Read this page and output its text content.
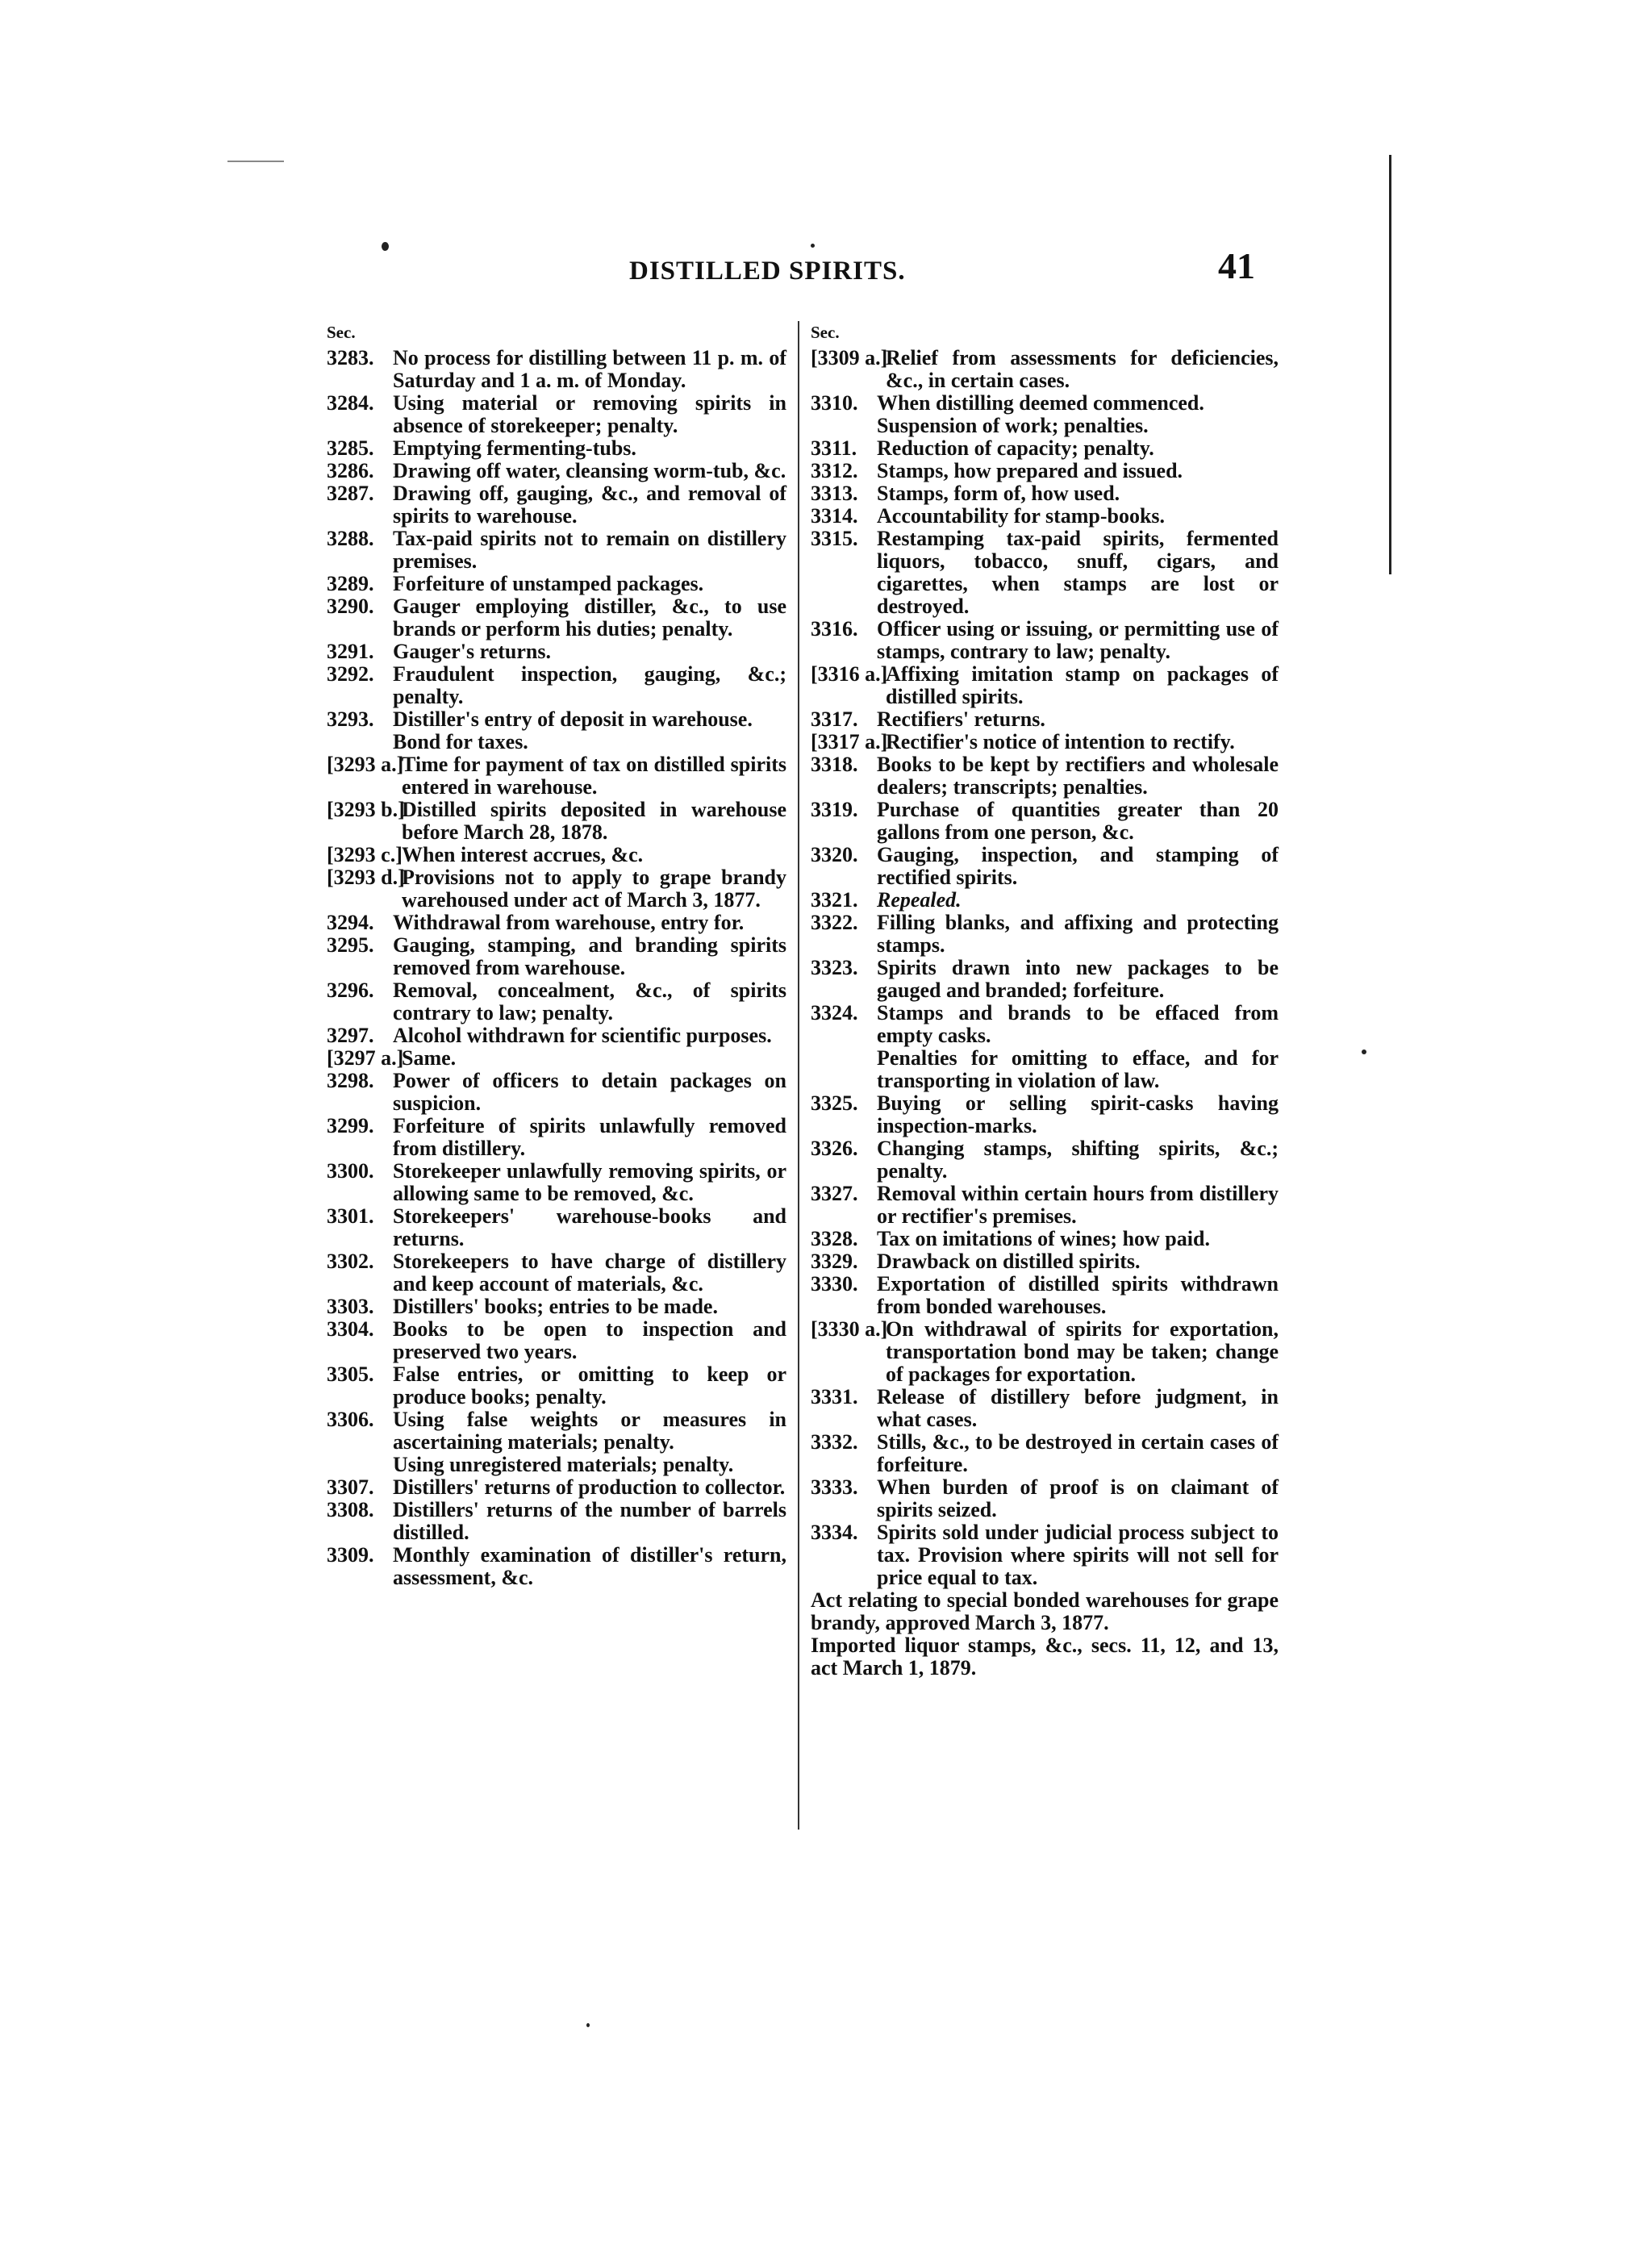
DISTILLED SPIRITS.	41
Sec.
3283. No process for distilling between 11 p. m. of Saturday and 1 a. m. of Monday.
3284. Using material or removing spirits in absence of storekeeper; penalty.
3285. Emptying fermenting-tubs.
3286. Drawing off water, cleansing worm-tub, &c.
3287. Drawing off, gauging, &c., and removal of spirits to warehouse.
3288. Tax-paid spirits not to remain on distillery premises.
3289. Forfeiture of unstamped packages.
3290. Gauger employing distiller, &c., to use brands or perform his duties; penalty.
3291. Gauger's returns.
3292. Fraudulent inspection, gauging, &c.; penalty.
3293. Distiller's entry of deposit in warehouse.
Bond for taxes.
[3293 a.]
Time for payment of tax on distilled spirits entered in warehouse.
[3293 b.]
Distilled spirits deposited in warehouse before March 28, 1878.
[3293 c.] When interest accrues, &c.
[3293 d.]
Provisions not to apply to grape brandy warehoused under act of March 3, 1877.
3294. Withdrawal from warehouse, entry for.
3295. Gauging, stamping, and branding spirits removed from warehouse.
3296. Removal, concealment, &c., of spirits contrary to law; penalty.
3297. Alcohol withdrawn for scientific purposes.
[3297 a.]
Same.
3298. Power of officers to detain packages on suspicion.
3299. Forfeiture of spirits unlawfully removed from distillery.
3300. Storekeeper unlawfully removing spirits, or allowing same to be removed, &c.
3301. Storekeepers' warehouse-books and returns.
3302. Storekeepers to have charge of distillery and keep account of materials, &c.
3303. Distillers' books; entries to be made.
3304. Books to be open to inspection and preserved two years.
3305. False entries, or omitting to keep or produce books; penalty.
3306. Using false weights or measures in ascertaining materials; penalty.
Using unregistered materials; penalty.
3307. Distillers' returns of production to collector.
3308. Distillers' returns of the number of barrels distilled.
3309. Monthly examination of distiller's return, assessment, &c.
Sec.
[3309 a.]
Relief from assessments for deficiencies, &c., in certain cases.
3310. When distilling deemed commenced.
Suspension of work; penalties.
3311. Reduction of capacity; penalty.
3312. Stamps, how prepared and issued.
3313. Stamps, form of, how used.
3314. Accountability for stamp-books.
3315. Restamping tax-paid spirits, fermented liquors, tobacco, snuff, cigars, and cigarettes, when stamps are lost or destroyed.
3316. Officer using or issuing, or permitting use of stamps, contrary to law; penalty.
[3316 a.]
Affixing imitation stamp on packages of distilled spirits.
3317. Rectifiers' returns.
[3317 a.]
Rectifier's notice of intention to rectify.
3318. Books to be kept by rectifiers and wholesale dealers; transcripts; penalties.
3319. Purchase of quantities greater than 20 gallons from one person, &c.
3320. Gauging, inspection, and stamping of rectified spirits.
3321. Repealed.
3322. Filling blanks, and affixing and protecting stamps.
3323. Spirits drawn into new packages to be gauged and branded; forfeiture.
3324. Stamps and brands to be effaced from empty casks.
Penalties for omitting to efface, and for transporting in violation of law.
3325. Buying or selling spirit-casks having inspection-marks.
3326. Changing stamps, shifting spirits, &c.; penalty.
3327. Removal within certain hours from distillery or rectifier's premises.
3328. Tax on imitations of wines; how paid.
3329. Drawback on distilled spirits.
3330. Exportation of distilled spirits withdrawn from bonded warehouses.
[3330 a.]
On withdrawal of spirits for exportation, transportation bond may be taken; change of packages for exportation.
3331. Release of distillery before judgment, in what cases.
3332. Stills, &c., to be destroyed in certain cases of forfeiture.
3333. When burden of proof is on claimant of spirits seized.
3334. Spirits sold under judicial process subject to tax. Provision where spirits will not sell for price equal to tax.
Act relating to special bonded warehouses for grape brandy, approved March 3, 1877.
Imported liquor stamps, &c., secs. 11, 12, and 13, act March 1, 1879.
